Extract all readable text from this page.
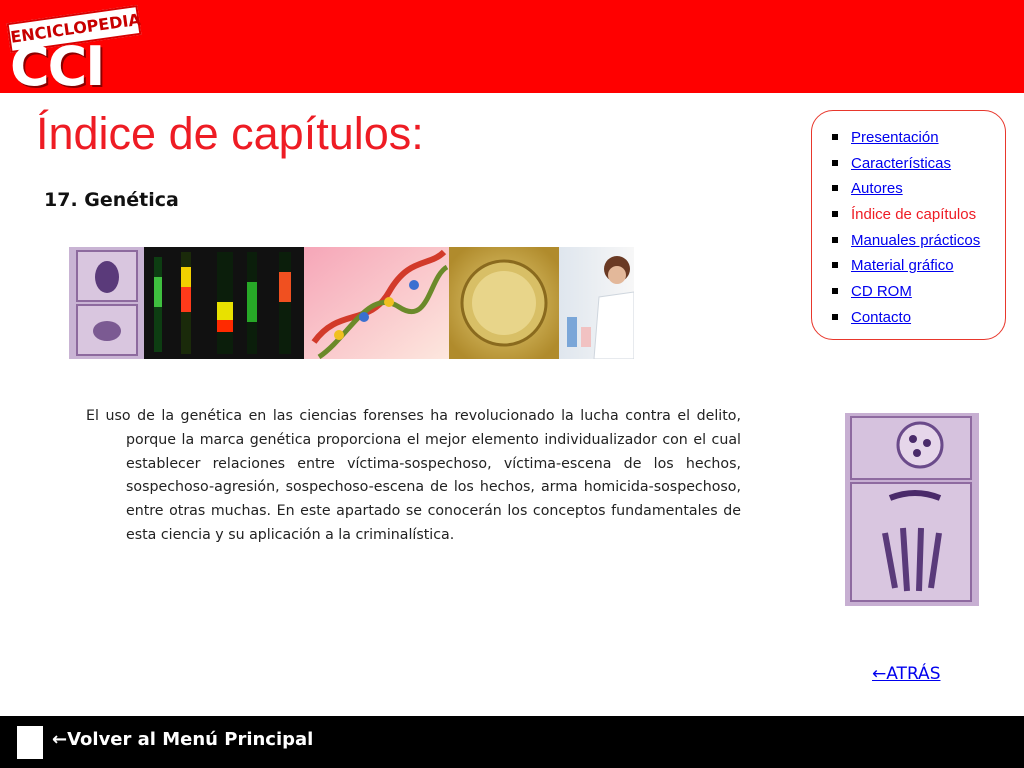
ENCICLOPEDIA
CCI
Índice de capítulos:
17. Genética
Presentación
Características
Autores
Índice de capítulos
Manuales prácticos
Material gráfico
CD ROM
Contacto

El uso de la genética en las ciencias forenses ha revolucionado la lucha contra el delito, porque la marca genética proporciona el mejor elemento individualizador con el cual establecer relaciones entre víctima-sospechoso, víctima-escena de los hechos, sospechoso-agresión, sospechoso-escena de los hechos, arma homicida-sospechoso, entre otras muchas. En este apartado se conocerán los conceptos fundamentales de esta ciencia y su aplicación a la criminalística.

←ATRÁS
←Volver al Menú Principal
